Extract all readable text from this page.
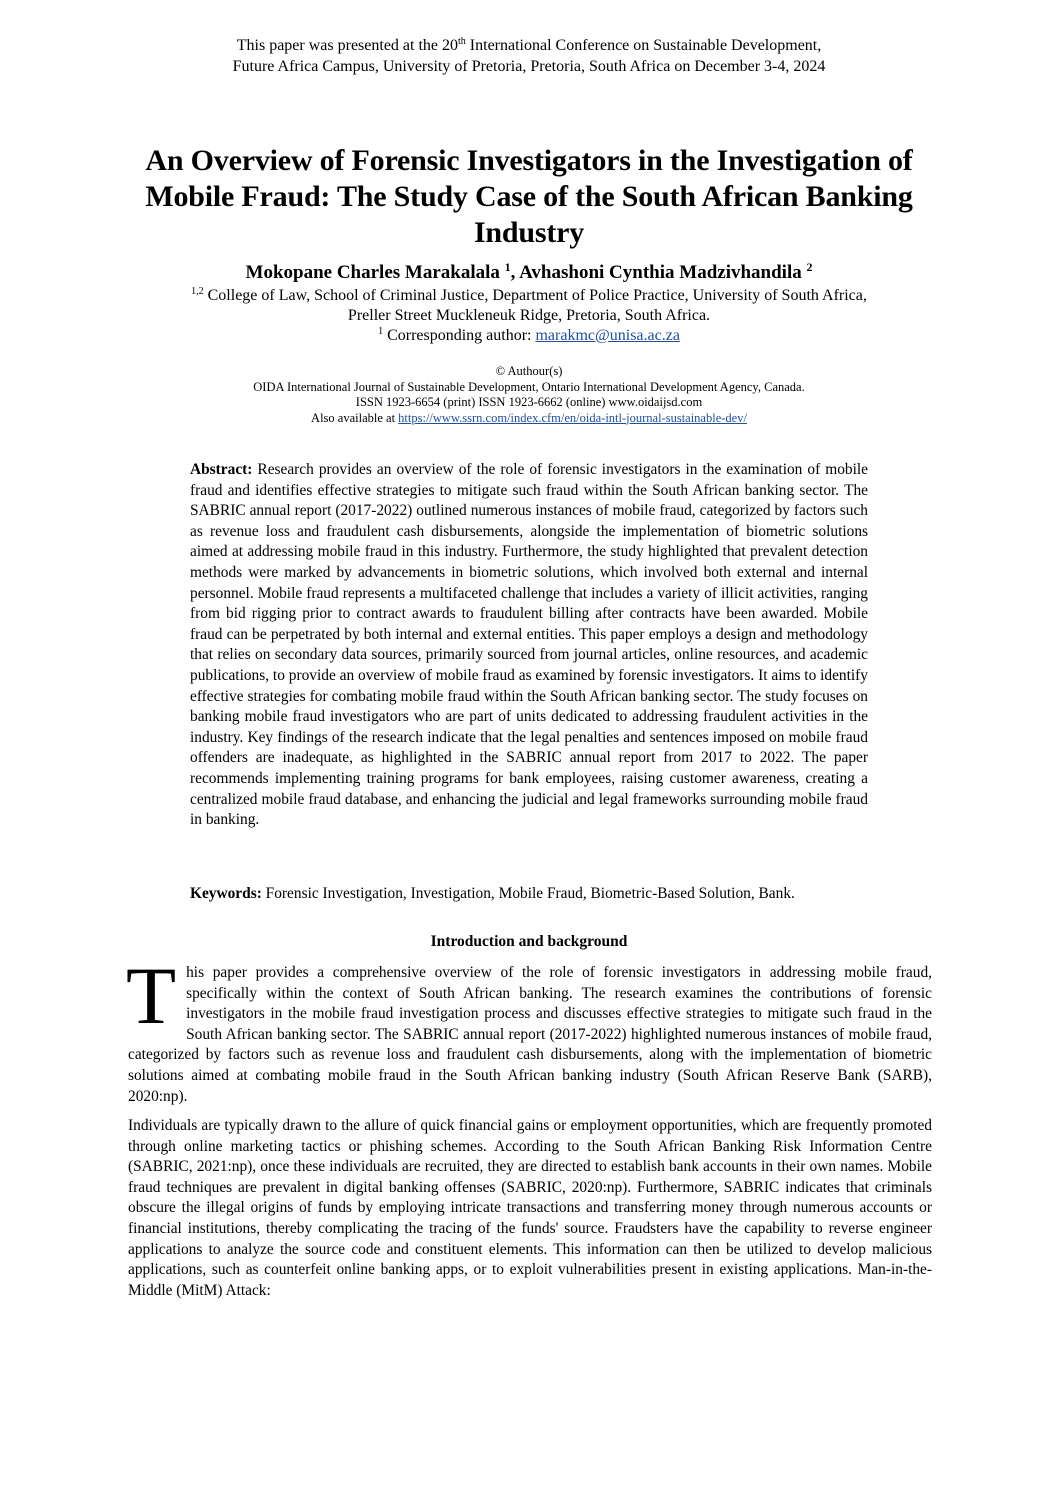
This paper was presented at the 20th International Conference on Sustainable Development,
Future Africa Campus, University of Pretoria, Pretoria, South Africa on December 3-4, 2024
An Overview of Forensic Investigators in the Investigation of Mobile Fraud: The Study Case of the South African Banking Industry
Mokopane Charles Marakalala $^1$, Avhashoni Cynthia Madzivhandila $^2$
$^{1,2}$ College of Law, School of Criminal Justice, Department of Police Practice, University of South Africa,
Preller Street Muckleneuk Ridge, Pretoria, South Africa.
$^1$ Corresponding author: marakmc@unisa.ac.za
© Authour(s)
OIDA International Journal of Sustainable Development, Ontario International Development Agency, Canada.
ISSN 1923-6654 (print) ISSN 1923-6662 (online) www.oidaijsd.com
Also available at https://www.ssrn.com/index.cfm/en/oida-intl-journal-sustainable-dev/
Abstract: Research provides an overview of the role of forensic investigators in the examination of mobile fraud and identifies effective strategies to mitigate such fraud within the South African banking sector. The SABRIC annual report (2017-2022) outlined numerous instances of mobile fraud, categorized by factors such as revenue loss and fraudulent cash disbursements, alongside the implementation of biometric solutions aimed at addressing mobile fraud in this industry. Furthermore, the study highlighted that prevalent detection methods were marked by advancements in biometric solutions, which involved both external and internal personnel. Mobile fraud represents a multifaceted challenge that includes a variety of illicit activities, ranging from bid rigging prior to contract awards to fraudulent billing after contracts have been awarded. Mobile fraud can be perpetrated by both internal and external entities. This paper employs a design and methodology that relies on secondary data sources, primarily sourced from journal articles, online resources, and academic publications, to provide an overview of mobile fraud as examined by forensic investigators. It aims to identify effective strategies for combating mobile fraud within the South African banking sector. The study focuses on banking mobile fraud investigators who are part of units dedicated to addressing fraudulent activities in the industry. Key findings of the research indicate that the legal penalties and sentences imposed on mobile fraud offenders are inadequate, as highlighted in the SABRIC annual report from 2017 to 2022. The paper recommends implementing training programs for bank employees, raising customer awareness, creating a centralized mobile fraud database, and enhancing the judicial and legal frameworks surrounding mobile fraud in banking.
Keywords: Forensic Investigation, Investigation, Mobile Fraud, Biometric-Based Solution, Bank.
Introduction and background
This paper provides a comprehensive overview of the role of forensic investigators in addressing mobile fraud, specifically within the context of South African banking. The research examines the contributions of forensic investigators in the mobile fraud investigation process and discusses effective strategies to mitigate such fraud in the South African banking sector. The SABRIC annual report (2017-2022) highlighted numerous instances of mobile fraud, categorized by factors such as revenue loss and fraudulent cash disbursements, along with the implementation of biometric solutions aimed at combating mobile fraud in the South African banking industry (South African Reserve Bank (SARB), 2020:np).
Individuals are typically drawn to the allure of quick financial gains or employment opportunities, which are frequently promoted through online marketing tactics or phishing schemes. According to the South African Banking Risk Information Centre (SABRIC, 2021:np), once these individuals are recruited, they are directed to establish bank accounts in their own names. Mobile fraud techniques are prevalent in digital banking offenses (SABRIC, 2020:np). Furthermore, SABRIC indicates that criminals obscure the illegal origins of funds by employing intricate transactions and transferring money through numerous accounts or financial institutions, thereby complicating the tracing of the funds' source. Fraudsters have the capability to reverse engineer applications to analyze the source code and constituent elements. This information can then be utilized to develop malicious applications, such as counterfeit online banking apps, or to exploit vulnerabilities present in existing applications. Man-in-the-Middle (MitM) Attack:
